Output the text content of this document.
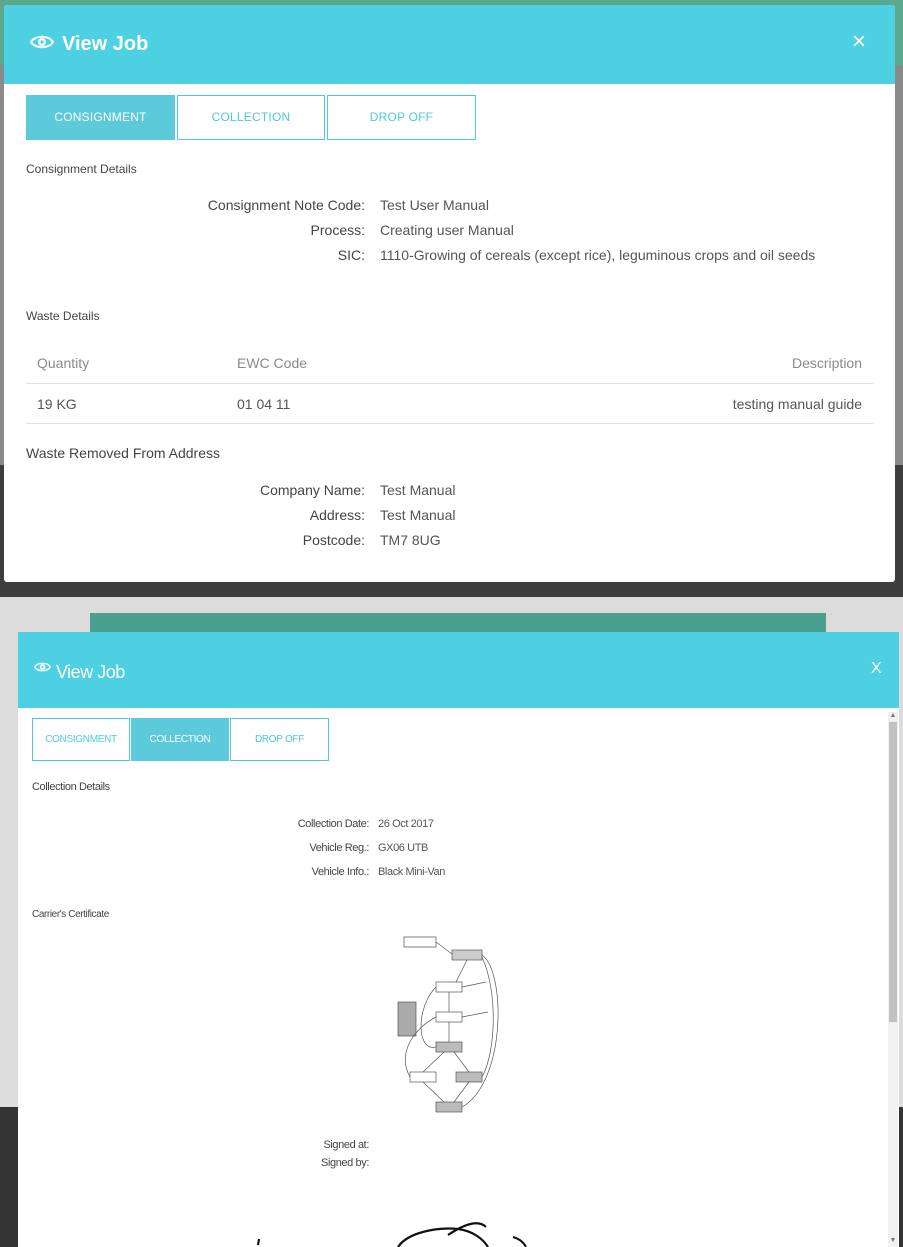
View Job	×
CONSIGNMENT	COLLECTION	DROP OFF
Consignment Details
Consignment Note Code: Test User Manual
Process: Creating user Manual
SIC: 1110-Growing of cereals (except rice), leguminous crops and oil seeds
Waste Details
Quantity	EWC Code	Description
19 KG	01 04 11	testing manual guide
Waste Removed From Address
Company Name: Test Manual
Address: Test Manual
Postcode: TM7 8UG
View Job	X
CONSIGNMENT	COLLECTION	DROP OFF
Collection Details
Collection Date: 26 Oct 2017
Vehicle Reg.: GX06 UTB
Vehicle Info.: Black Mini-Van
Carrier's Certificate
Signed at:
Signed by:
▲
▼
